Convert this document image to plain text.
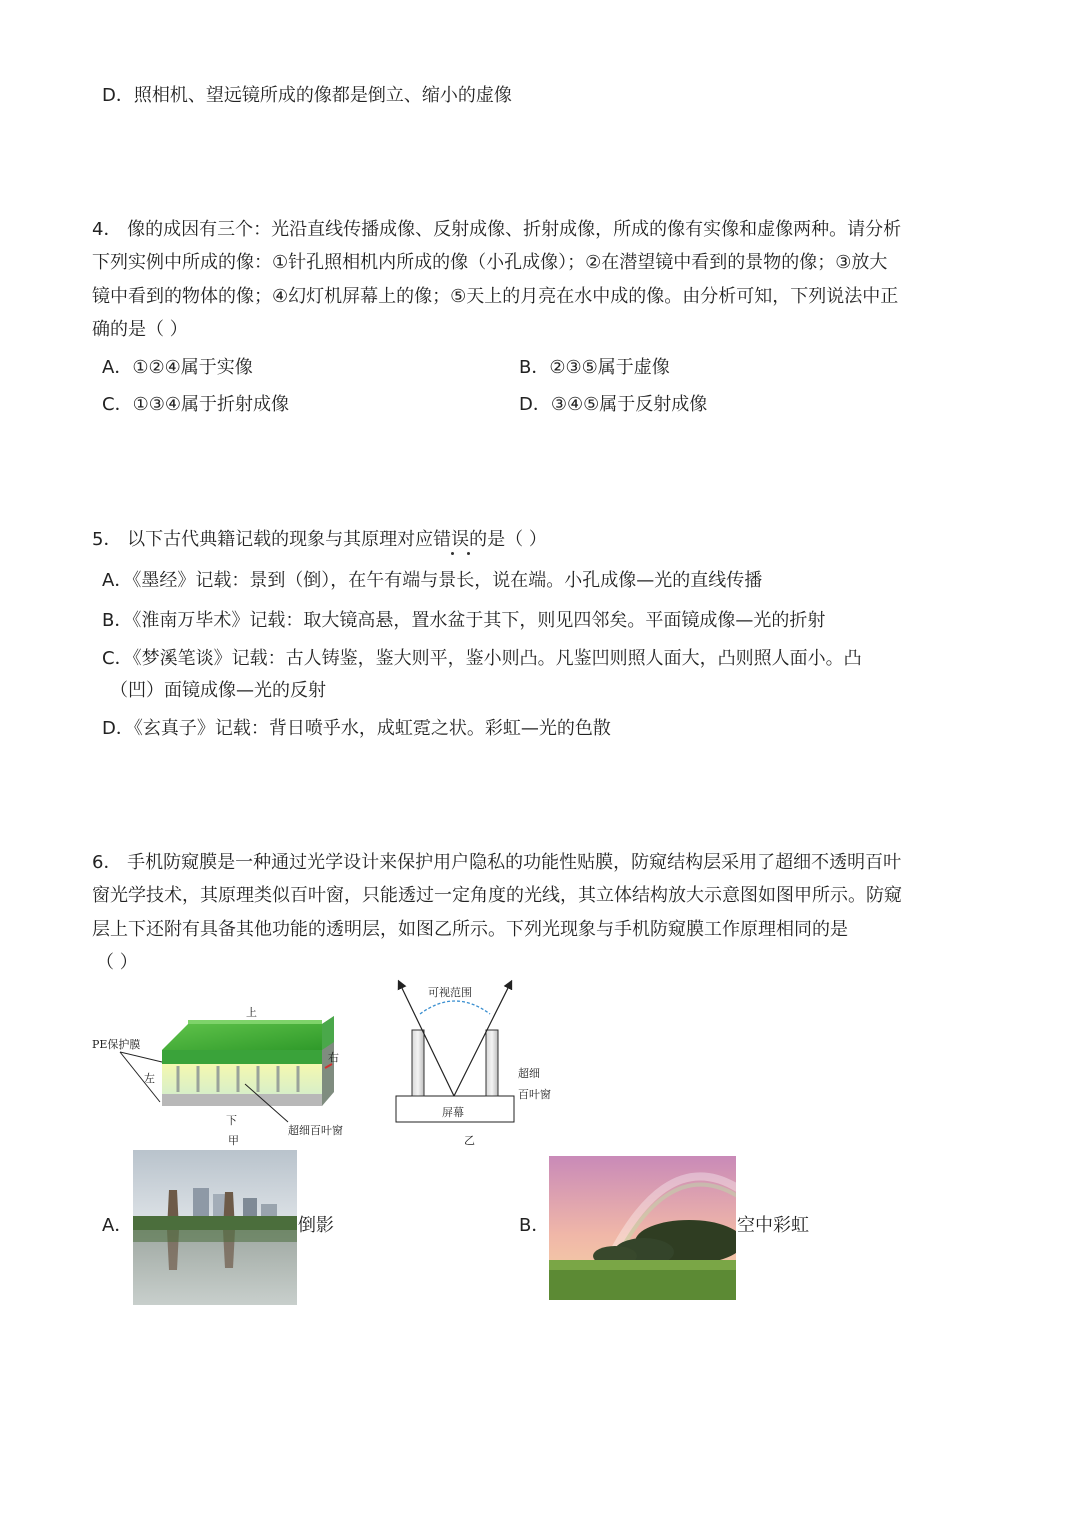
D．照相机、望远镜所成的像都是倒立、缩小的虚像
4． 像的成因有三个：光沿直线传播成像、反射成像、折射成像，所成的像有实像和虚像两种。请分析
下列实例中所成的像：①针孔照相机内所成的像（小孔成像）；②在潜望镜中看到的景物的像；③放大
镜中看到的物体的像；④幻灯机屏幕上的像；⑤天上的月亮在水中成的像。由分析可知，下列说法中正
确的是（ ）
A．①②④属于实像	B．②③⑤属于虚像
C．①③④属于折射成像	D．③④⑤属于反射成像
5． 以下古代典籍记载的现象与其原理对应错误的是（ ）
A．《墨经》记载：景到（倒），在午有端与景长，说在端。小孔成像—光的直线传播
B．《淮南万毕术》记载：取大镜高悬，置水盆于其下，则见四邻矣。平面镜成像—光的折射
C．《梦溪笔谈》记载：古人铸鉴，鉴大则平，鉴小则凸。凡鉴凹则照人面大，凸则照人面小。凸
（凹）面镜成像—光的反射
D．《玄真子》记载：背日喷乎水，成虹霓之状。彩虹—光的色散
6． 手机防窥膜是一种通过光学设计来保护用户隐私的功能性贴膜，防窥结构层采用了超细不透明百叶
窗光学技术，其原理类似百叶窗，只能透过一定角度的光线，其立体结构放大示意图如图甲所示。防窥
层上下还附有具备其他功能的透明层，如图乙所示。下列光现象与手机防窥膜工作原理相同的是
（ ）
上
PE保护膜
左
右
下
超细百叶窗
甲
可视范围
超细
百叶窗
屏幕
乙
A．	倒影	B．	空中彩虹
